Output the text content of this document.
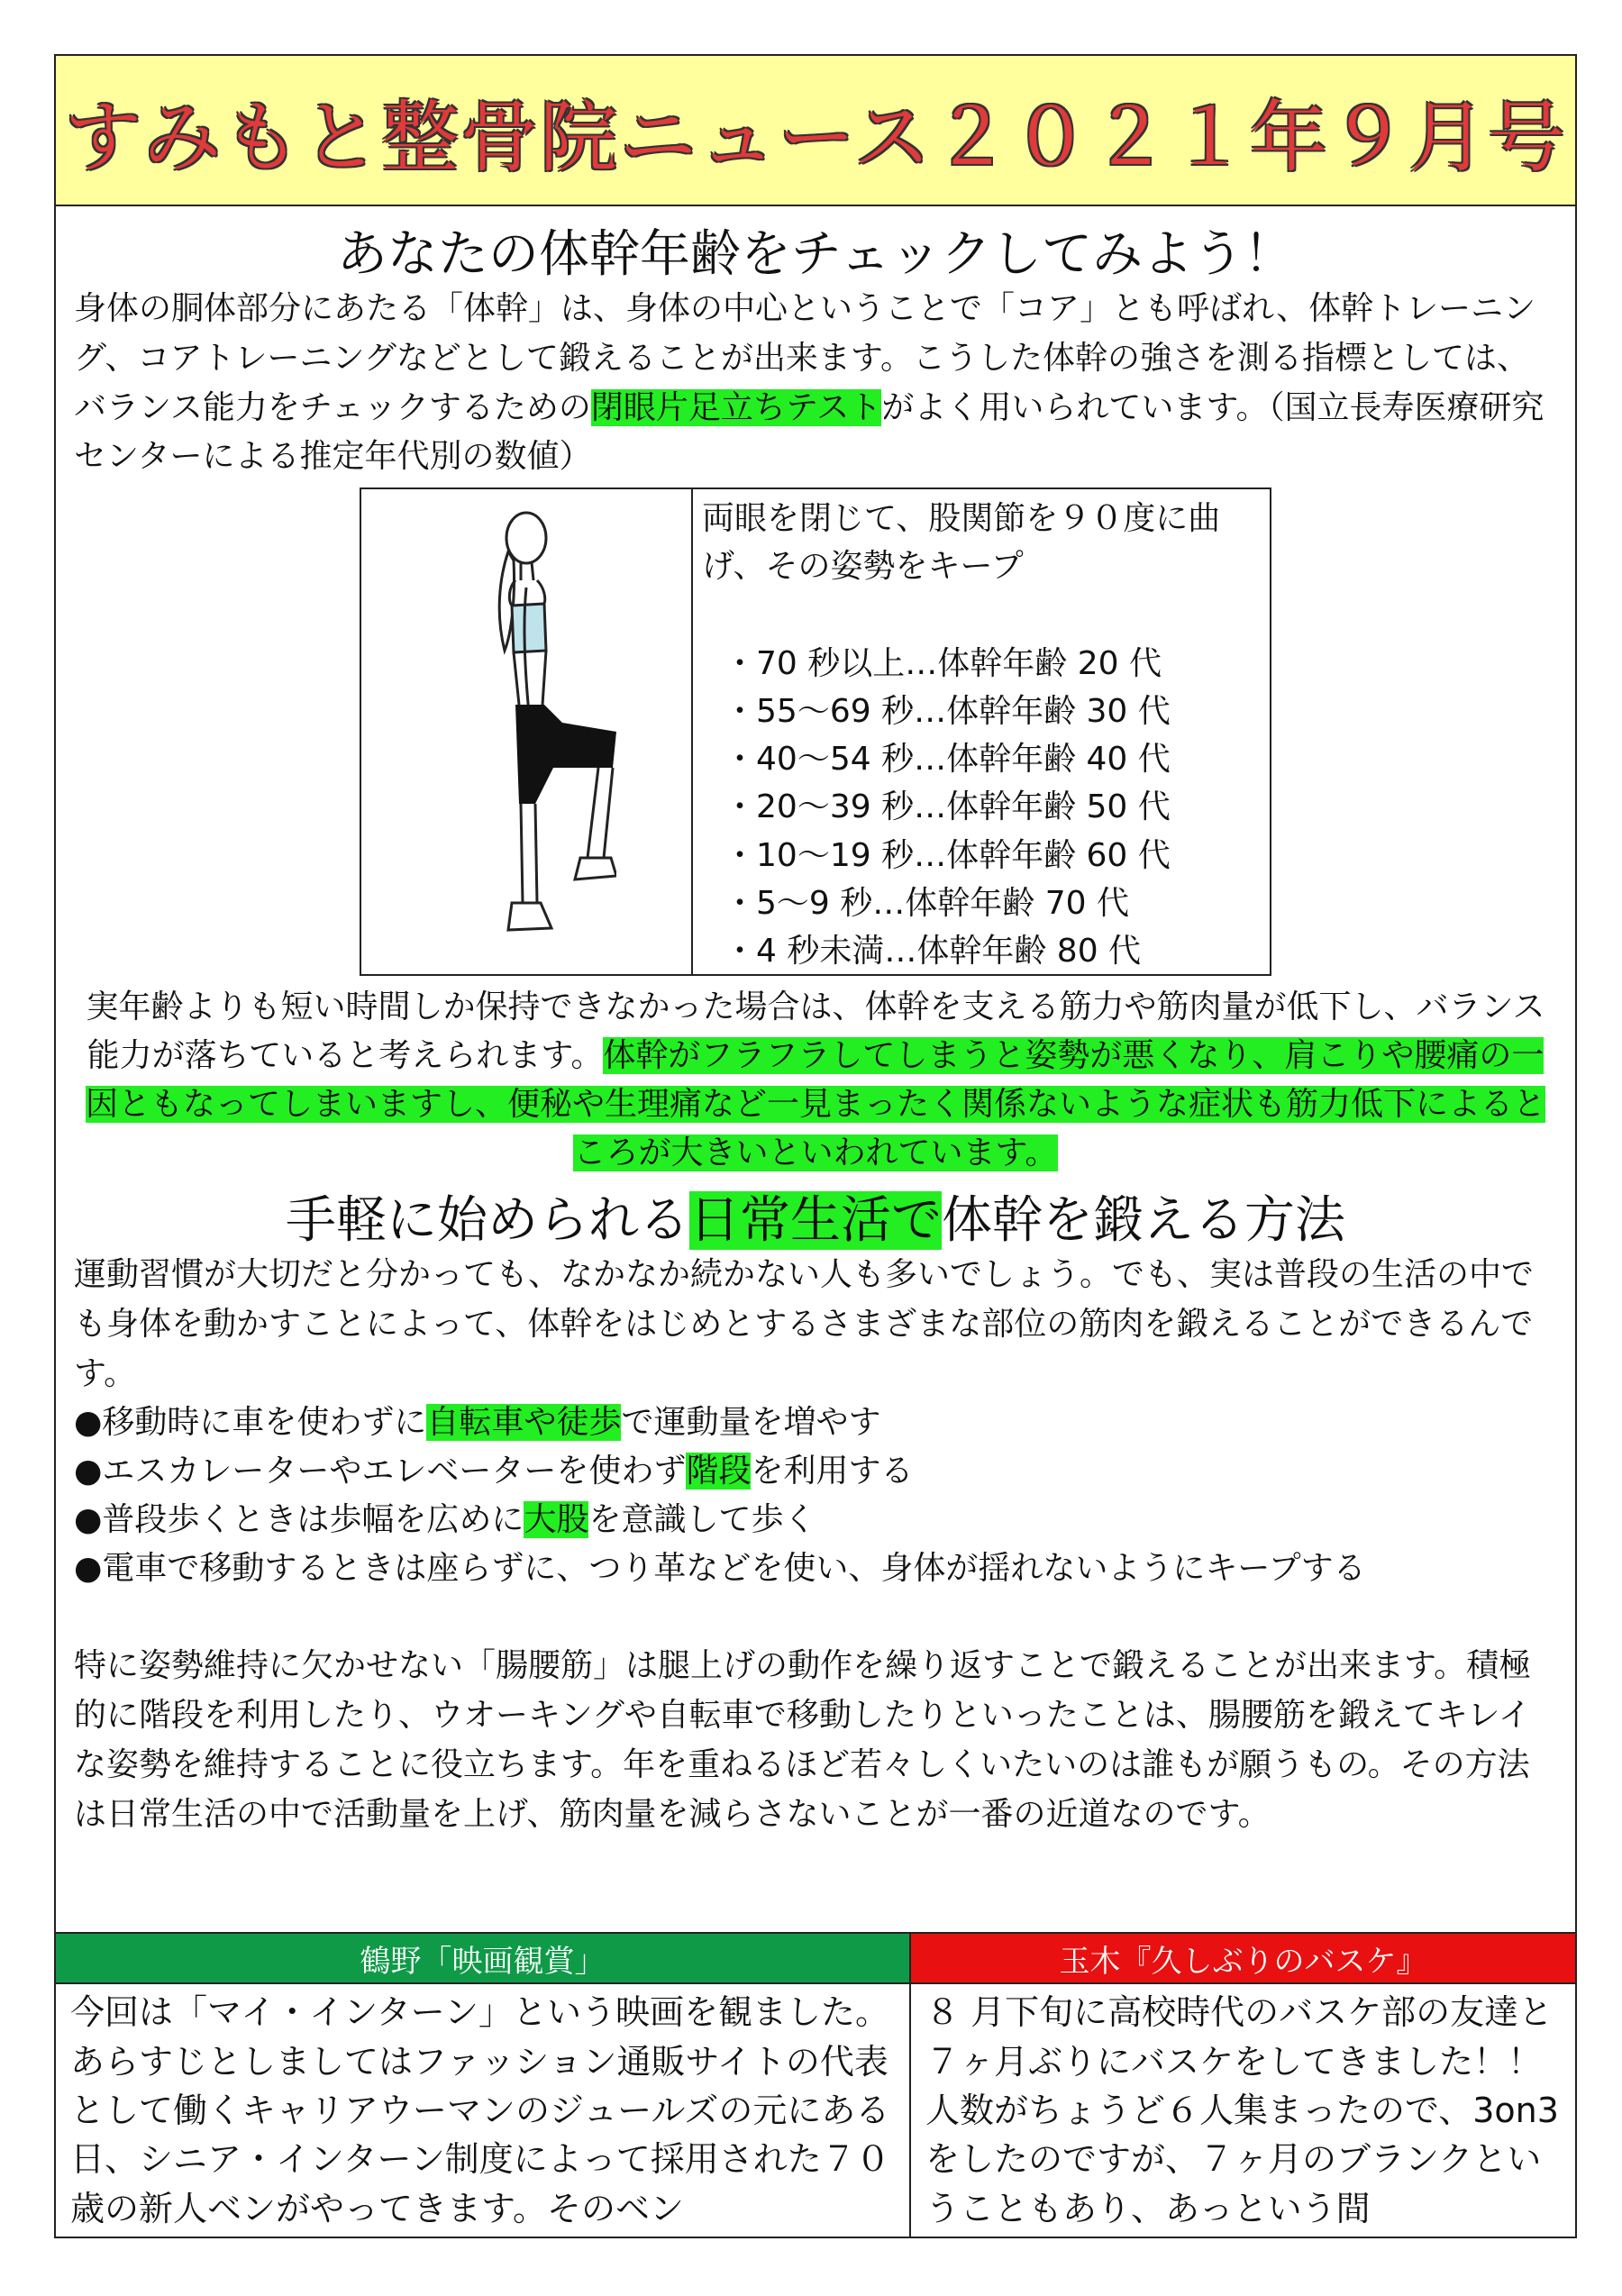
すみもと整骨院ニュース２０２１年９月号
あなたの体幹年齢をチェックしてみよう！

身体の胴体部分にあたる「体幹」は、身体の中心ということで「コア」とも呼ばれ、体幹トレーニング、コアトレーニングなどとして鍛えることが出来ます。こうした体幹の強さを測る指標としては、バランス能力をチェックするための閉眼片足立ちテストがよく用いられています。（国立長寿医療研究センターによる推定年代別の数値）

両眼を閉じて、股関節を９０度に曲げ、その姿勢をキープ
・ 70 秒以上…体幹年齢 20 代
・ 55～69 秒…体幹年齢 30 代
・ 40～54 秒…体幹年齢 40 代
・ 20～39 秒…体幹年齢 50 代
・ 10～19 秒…体幹年齢 60 代
・ 5～9 秒…体幹年齢 70 代
・ 4 秒未満…体幹年齢 80 代

実年齢よりも短い時間しか保持できなかった場合は、体幹を支える筋力や筋肉量が低下し、バランス能力が落ちていると考えられます。体幹がフラフラしてしまうと姿勢が悪くなり、肩こりや腰痛の一因ともなってしまいますし、便秘や生理痛など一見まったく関係ないような症状も筋力低下によるところが大きいといわれています。

手軽に始められる日常生活で体幹を鍛える方法

運動習慣が大切だと分かっても、なかなか続かない人も多いでしょう。でも、実は普段の生活の中でも身体を動かすことによって、体幹をはじめとするさまざまな部位の筋肉を鍛えることができるんです。

● 移動時に車を使わずに自転車や徒歩で運動量を増やす
● エスカレーターやエレベーターを使わず階段を利用する
● 普段歩くときは歩幅を広めに大股を意識して歩く
● 電車で移動するときは座らずに、つり革などを使い、身体が揺れないようにキープする

特に姿勢維持に欠かせない「腸腰筋」は腿上げの動作を繰り返すことで鍛えることが出来ます。積極的に階段を利用したり、ウオーキングや自転車で移動したりといったことは、腸腰筋を鍛えてキレイな姿勢を維持することに役立ちます。年を重ねるほど若々しくいたいのは誰もが願うもの。その方法は日常生活の中で活動量を上げ、筋肉量を減らさないことが一番の近道なのです。

鶴野「映画観賞」

今回は「マイ・インターン」という映画を観ました。あらすじとしましてはファッション通販サイトの代表として働くキャリアウーマンのジュールズの元にある日、シニア・インターン制度によって採用された７０歳の新人ベンがやってきます。そのベン

玉木『久しぶりのバスケ』

８ 月下旬に高校時代のバスケ部の友達と７ヶ月ぶりにバスケをしてきました！！人数がちょうど６人集まったので、3on3をしたのですが、７ヶ月のブランクということもあり、あっという間
